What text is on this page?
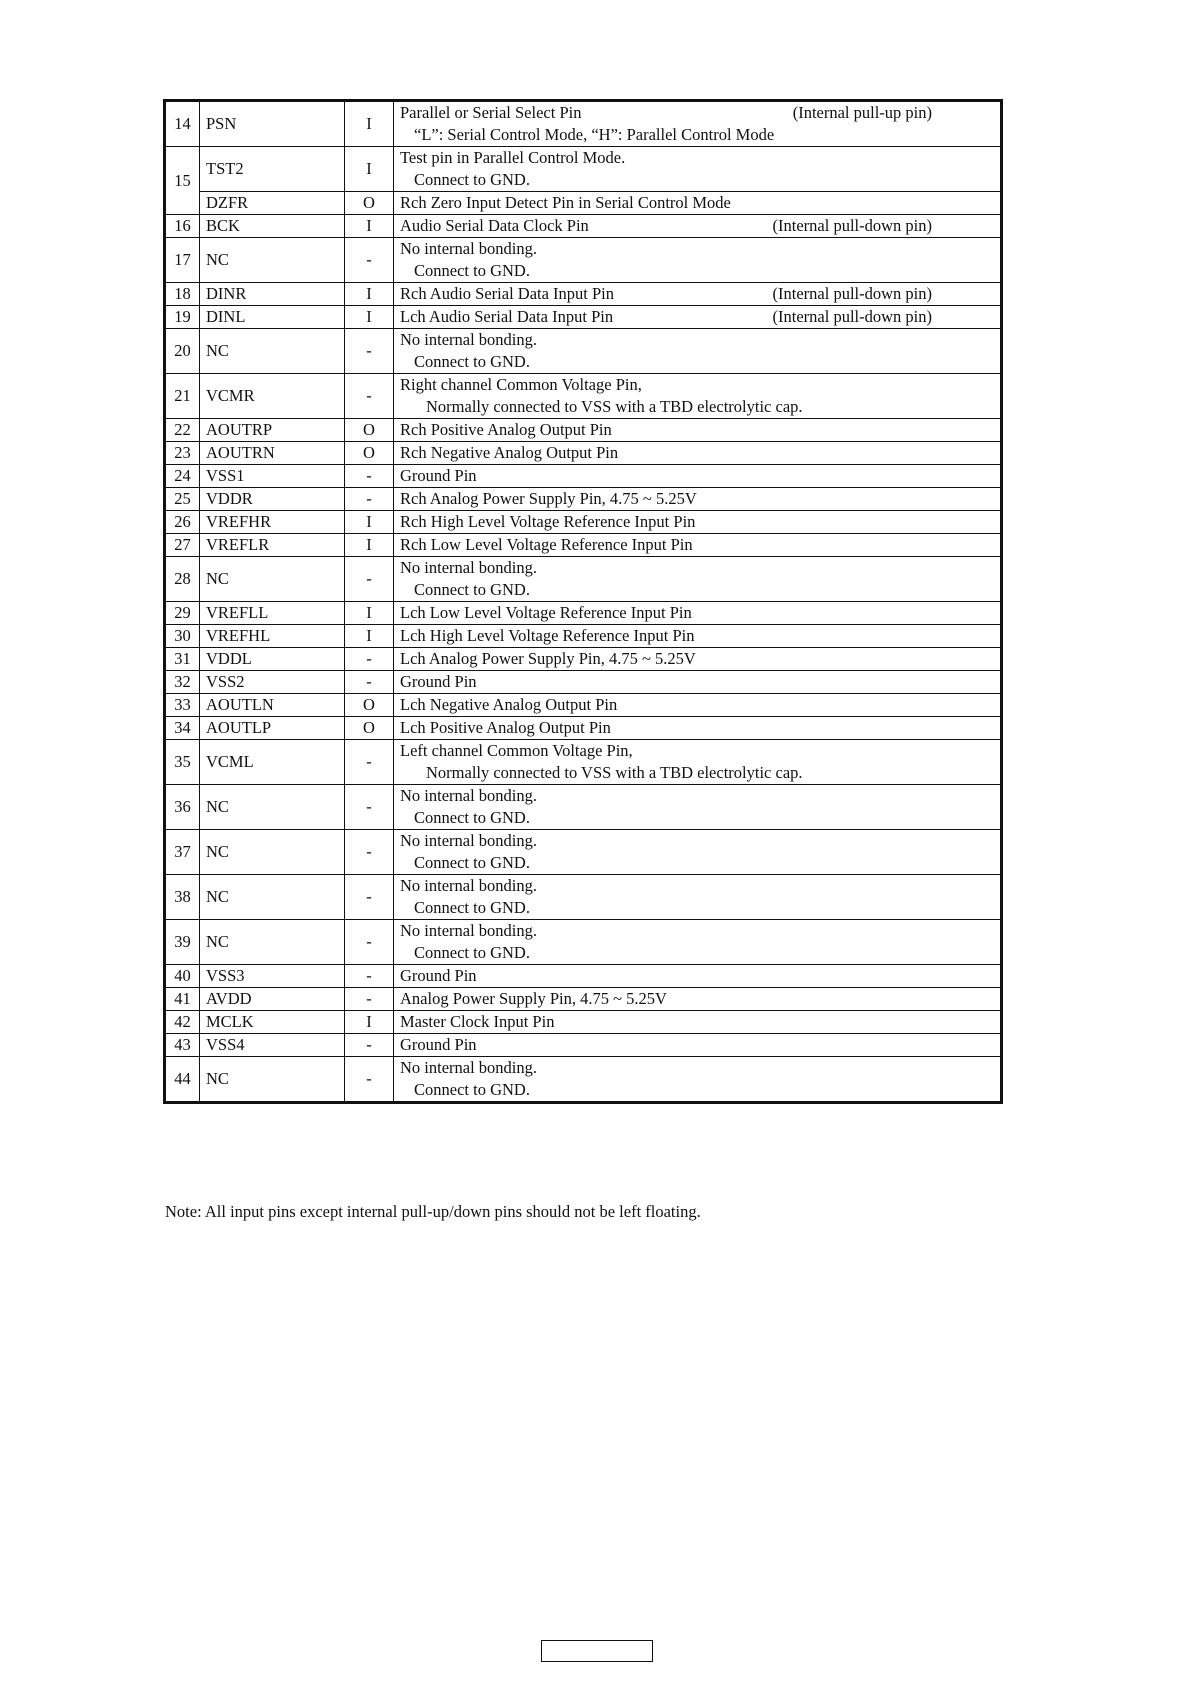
14	PSN	I	Parallel or Serial Select Pin (Internal pull-up pin)
“L”: Serial Control Mode, “H”: Parallel Control Mode

15	TST2	I	Test pin in Parallel Control Mode.
Connect to GND.

	DZFR	O	Rch Zero Input Detect Pin in Serial Control Mode

16	BCK	I	Audio Serial Data Clock Pin (Internal pull-down pin)

17	NC	-	No internal bonding.
Connect to GND.

18	DINR	I	Rch Audio Serial Data Input Pin (Internal pull-down pin)

19	DINL	I	Lch Audio Serial Data Input Pin (Internal pull-down pin)

20	NC	-	No internal bonding.
Connect to GND.

21	VCMR	-	Right channel Common Voltage Pin,
Normally connected to VSS with a TBD electrolytic cap.

22	AOUTRP	O	Rch Positive Analog Output Pin

23	AOUTRN	O	Rch Negative Analog Output Pin

24	VSS1	-	Ground Pin

25	VDDR	-	Rch Analog Power Supply Pin, 4.75 ~ 5.25V

26	VREFHR	I	Rch High Level Voltage Reference Input Pin

27	VREFLR	I	Rch Low Level Voltage Reference Input Pin

28	NC	-	No internal bonding.
Connect to GND.

29	VREFLL	I	Lch Low Level Voltage Reference Input Pin

30	VREFHL	I	Lch High Level Voltage Reference Input Pin

31	VDDL	-	Lch Analog Power Supply Pin, 4.75 ~ 5.25V

32	VSS2	-	Ground Pin

33	AOUTLN	O	Lch Negative Analog Output Pin

34	AOUTLP	O	Lch Positive Analog Output Pin

35	VCML	-	Left channel Common Voltage Pin,
Normally connected to VSS with a TBD electrolytic cap.

36	NC	-	No internal bonding.
Connect to GND.

37	NC	-	No internal bonding.
Connect to GND.

38	NC	-	No internal bonding.
Connect to GND.

39	NC	-	No internal bonding.
Connect to GND.

40	VSS3	-	Ground Pin

41	AVDD	-	Analog Power Supply Pin, 4.75 ~ 5.25V

42	MCLK	I	Master Clock Input Pin

43	VSS4	-	Ground Pin

44	NC	-	No internal bonding.
Connect to GND.

Note: All input pins except internal pull-up/down pins should not be left floating.
